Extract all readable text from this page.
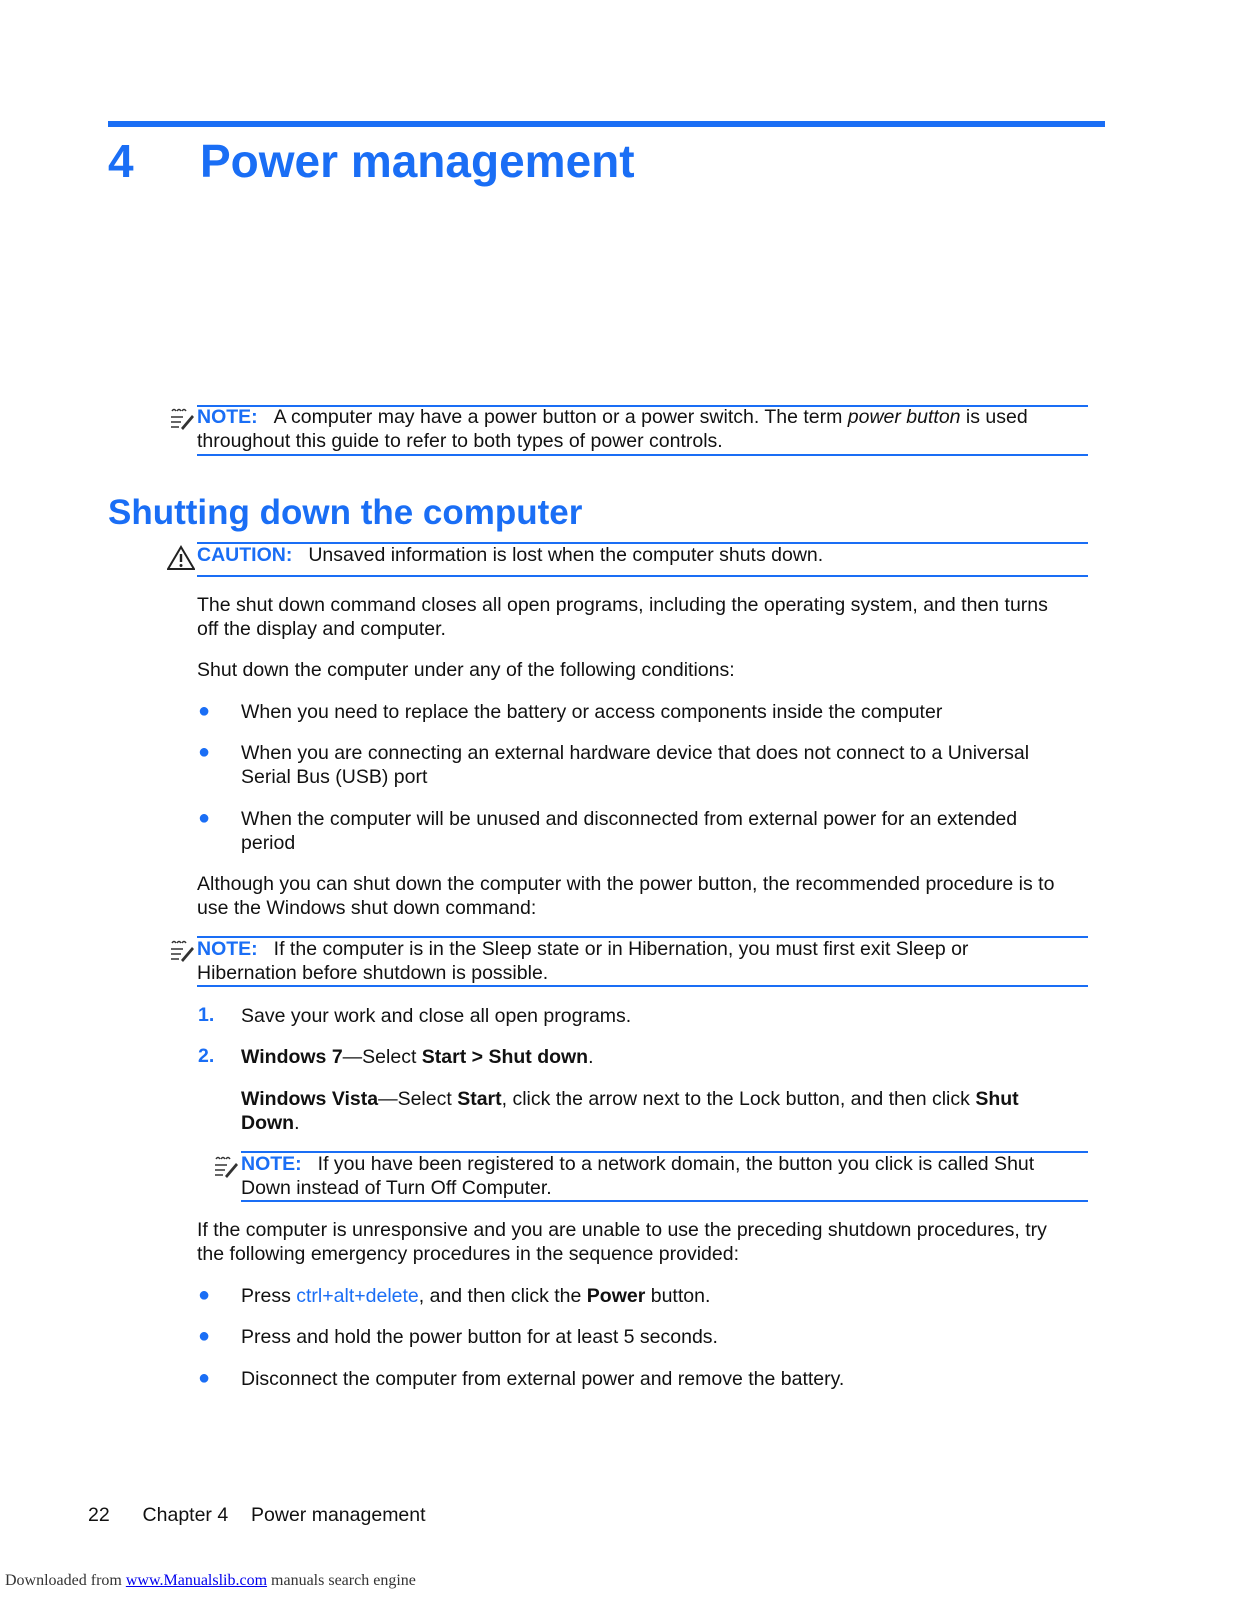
4 Power management
NOTE: A computer may have a power button or a power switch. The term power button is used
throughout this guide to refer to both types of power controls.
Shutting down the computer
CAUTION: Unsaved information is lost when the computer shuts down.
The shut down command closes all open programs, including the operating system, and then turns
off the display and computer.
Shut down the computer under any of the following conditions:
● When you need to replace the battery or access components inside the computer
● When you are connecting an external hardware device that does not connect to a Universal
Serial Bus (USB) port
● When the computer will be unused and disconnected from external power for an extended
period
Although you can shut down the computer with the power button, the recommended procedure is to
use the Windows shut down command:
NOTE: If the computer is in the Sleep state or in Hibernation, you must first exit Sleep or
Hibernation before shutdown is possible.
1. Save your work and close all open programs.
2. Windows 7—Select Start > Shut down.
Windows Vista—Select Start, click the arrow next to the Lock button, and then click Shut
Down.
NOTE: If you have been registered to a network domain, the button you click is called Shut
Down instead of Turn Off Computer.
If the computer is unresponsive and you are unable to use the preceding shutdown procedures, try
the following emergency procedures in the sequence provided:
● Press ctrl+alt+delete, and then click the Power button.
● Press and hold the power button for at least 5 seconds.
● Disconnect the computer from external power and remove the battery.
22 Chapter 4 Power management
Downloaded from www.Manualslib.com manuals search engine
